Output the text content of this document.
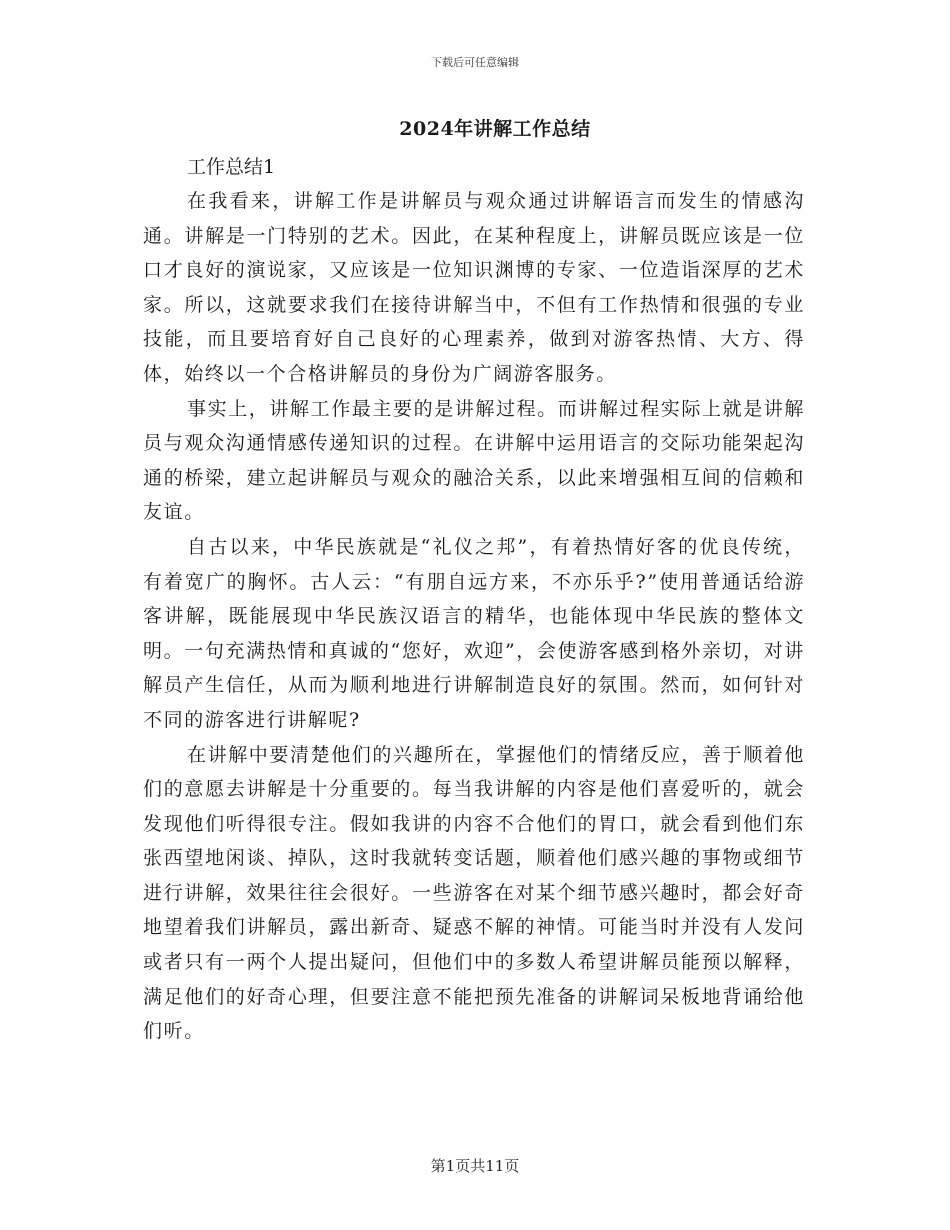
下载后可任意编辑
2024年讲解工作总结

工作总结1

在我看来，讲解工作是讲解员与观众通过讲解语言而发生的情感沟通。讲解是一门特别的艺术。因此，在某种程度上，讲解员既应该是一位口才良好的演说家，又应该是一位知识渊博的专家、一位造诣深厚的艺术家。所以，这就要求我们在接待讲解当中，不但有工作热情和很强的专业技能，而且要培育好自己良好的心理素养，做到对游客热情、大方、得体，始终以一个合格讲解员的身份为广阔游客服务。

事实上，讲解工作最主要的是讲解过程。而讲解过程实际上就是讲解员与观众沟通情感传递知识的过程。在讲解中运用语言的交际功能架起沟通的桥梁，建立起讲解员与观众的融洽关系，以此来增强相互间的信赖和友谊。

自古以来，中华民族就是“礼仪之邦”，有着热情好客的优良传统，有着宽广的胸怀。古人云：“有朋自远方来，不亦乐乎?”使用普通话给游客讲解，既能展现中华民族汉语言的精华，也能体现中华民族的整体文明。一句充满热情和真诚的“您好，欢迎”，会使游客感到格外亲切，对讲解员产生信任，从而为顺利地进行讲解制造良好的氛围。然而，如何针对不同的游客进行讲解呢?

在讲解中要清楚他们的兴趣所在，掌握他们的情绪反应，善于顺着他们的意愿去讲解是十分重要的。每当我讲解的内容是他们喜爱听的，就会发现他们听得很专注。假如我讲的内容不合他们的胃口，就会看到他们东张西望地闲谈、掉队，这时我就转变话题，顺着他们感兴趣的事物或细节进行讲解，效果往往会很好。一些游客在对某个细节感兴趣时，都会好奇地望着我们讲解员，露出新奇、疑惑不解的神情。可能当时并没有人发问或者只有一两个人提出疑问，但他们中的多数人希望讲解员能预以解释，满足他们的好奇心理，但要注意不能把预先准备的讲解词呆板地背诵给他们听。

第1页共11页
